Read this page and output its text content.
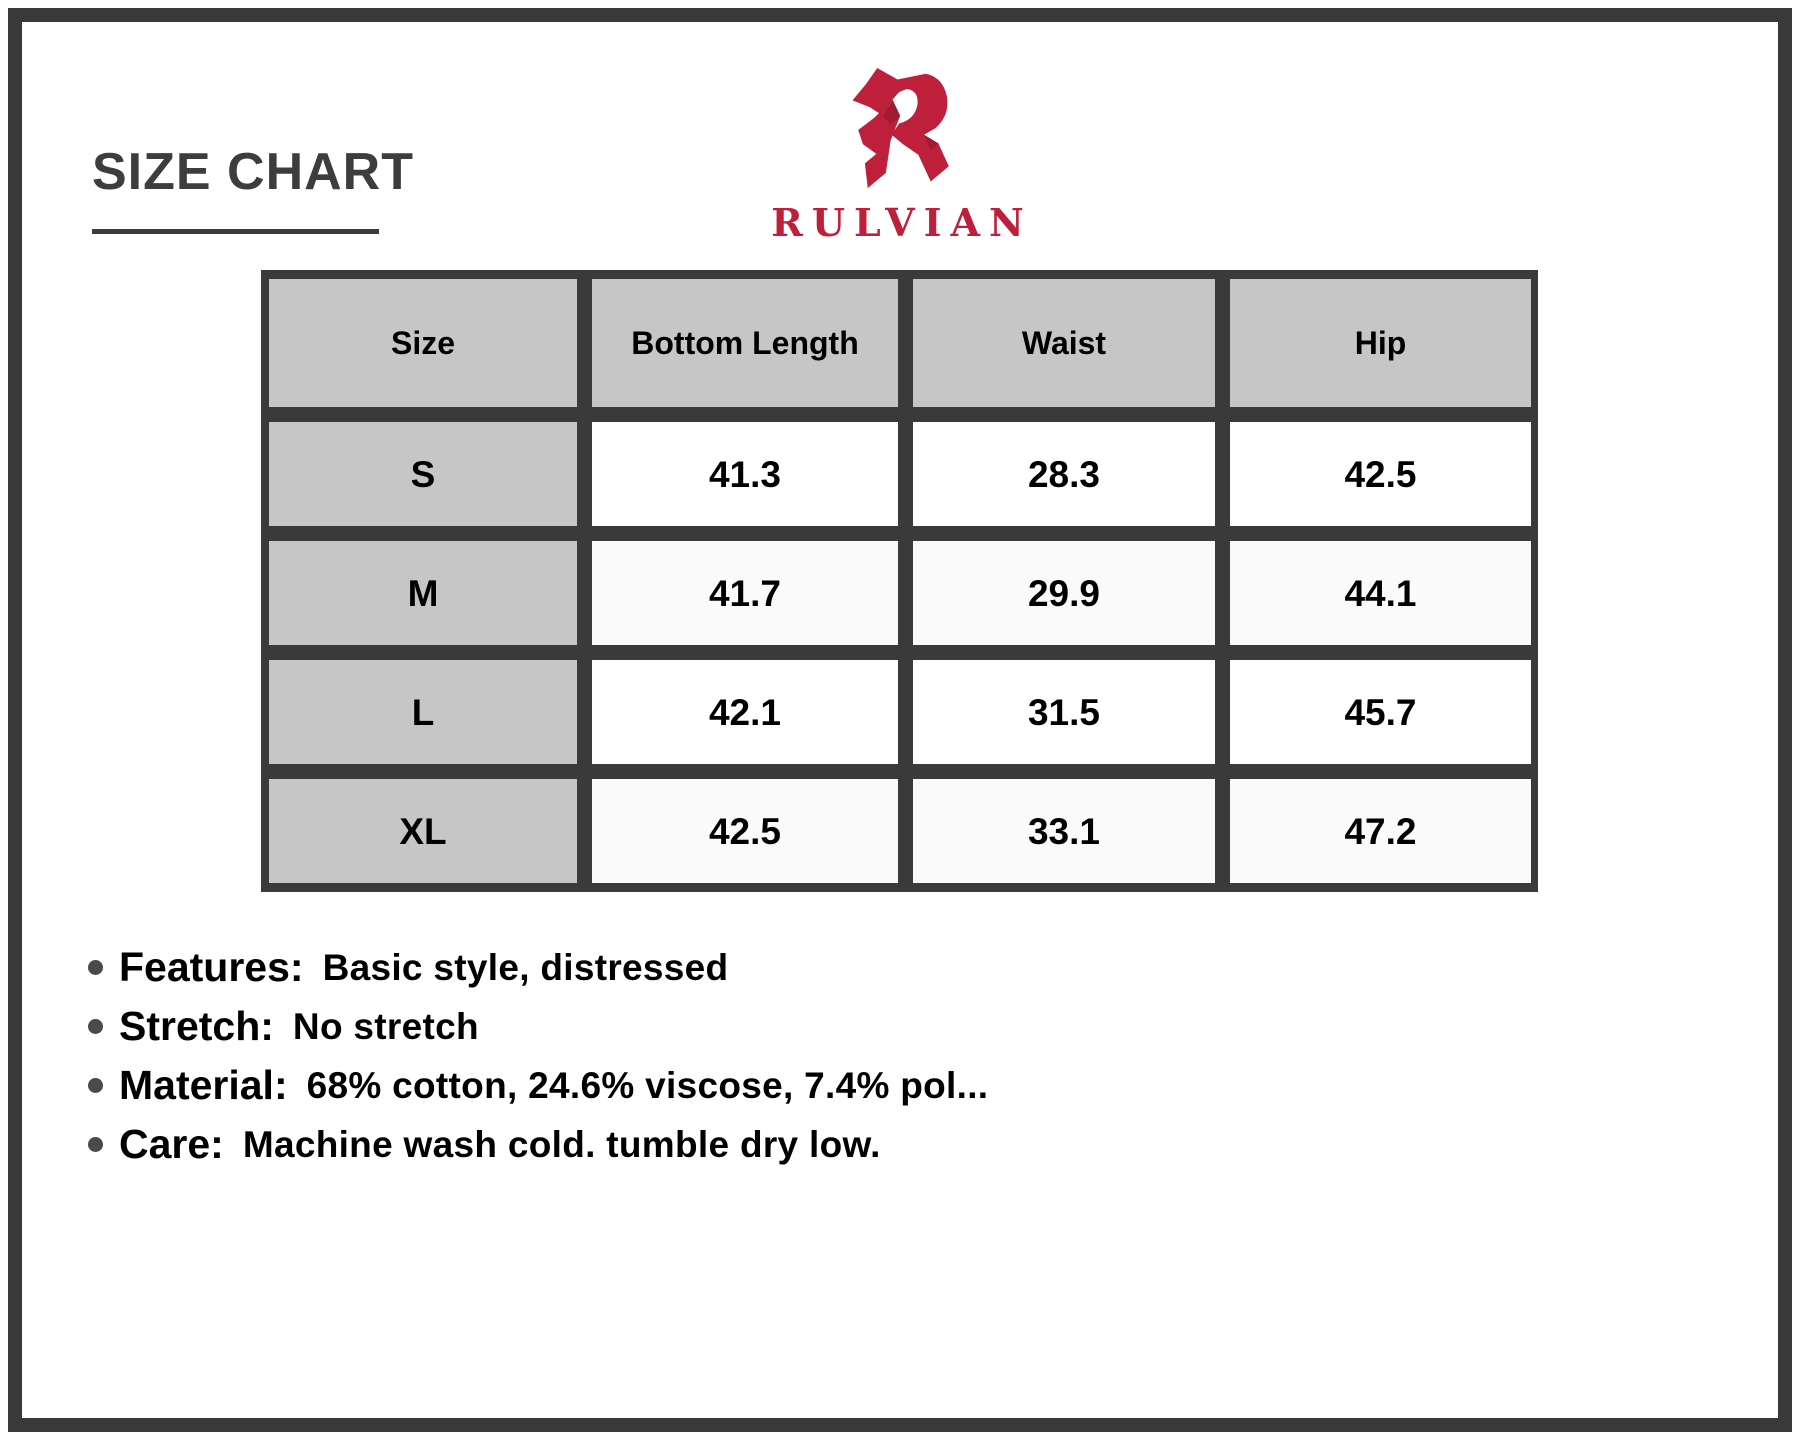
SIZE CHART
RULVIAN
Size	Bottom Length	Waist	Hip
S	41.3	28.3	42.5
M	41.7	29.9	44.1
L	42.1	31.5	45.7
XL	42.5	33.1	47.2
Features: Basic style, distressed
Stretch: No stretch
Material: 68% cotton, 24.6% viscose, 7.4% pol...
Care: Machine wash cold. tumble dry low.
